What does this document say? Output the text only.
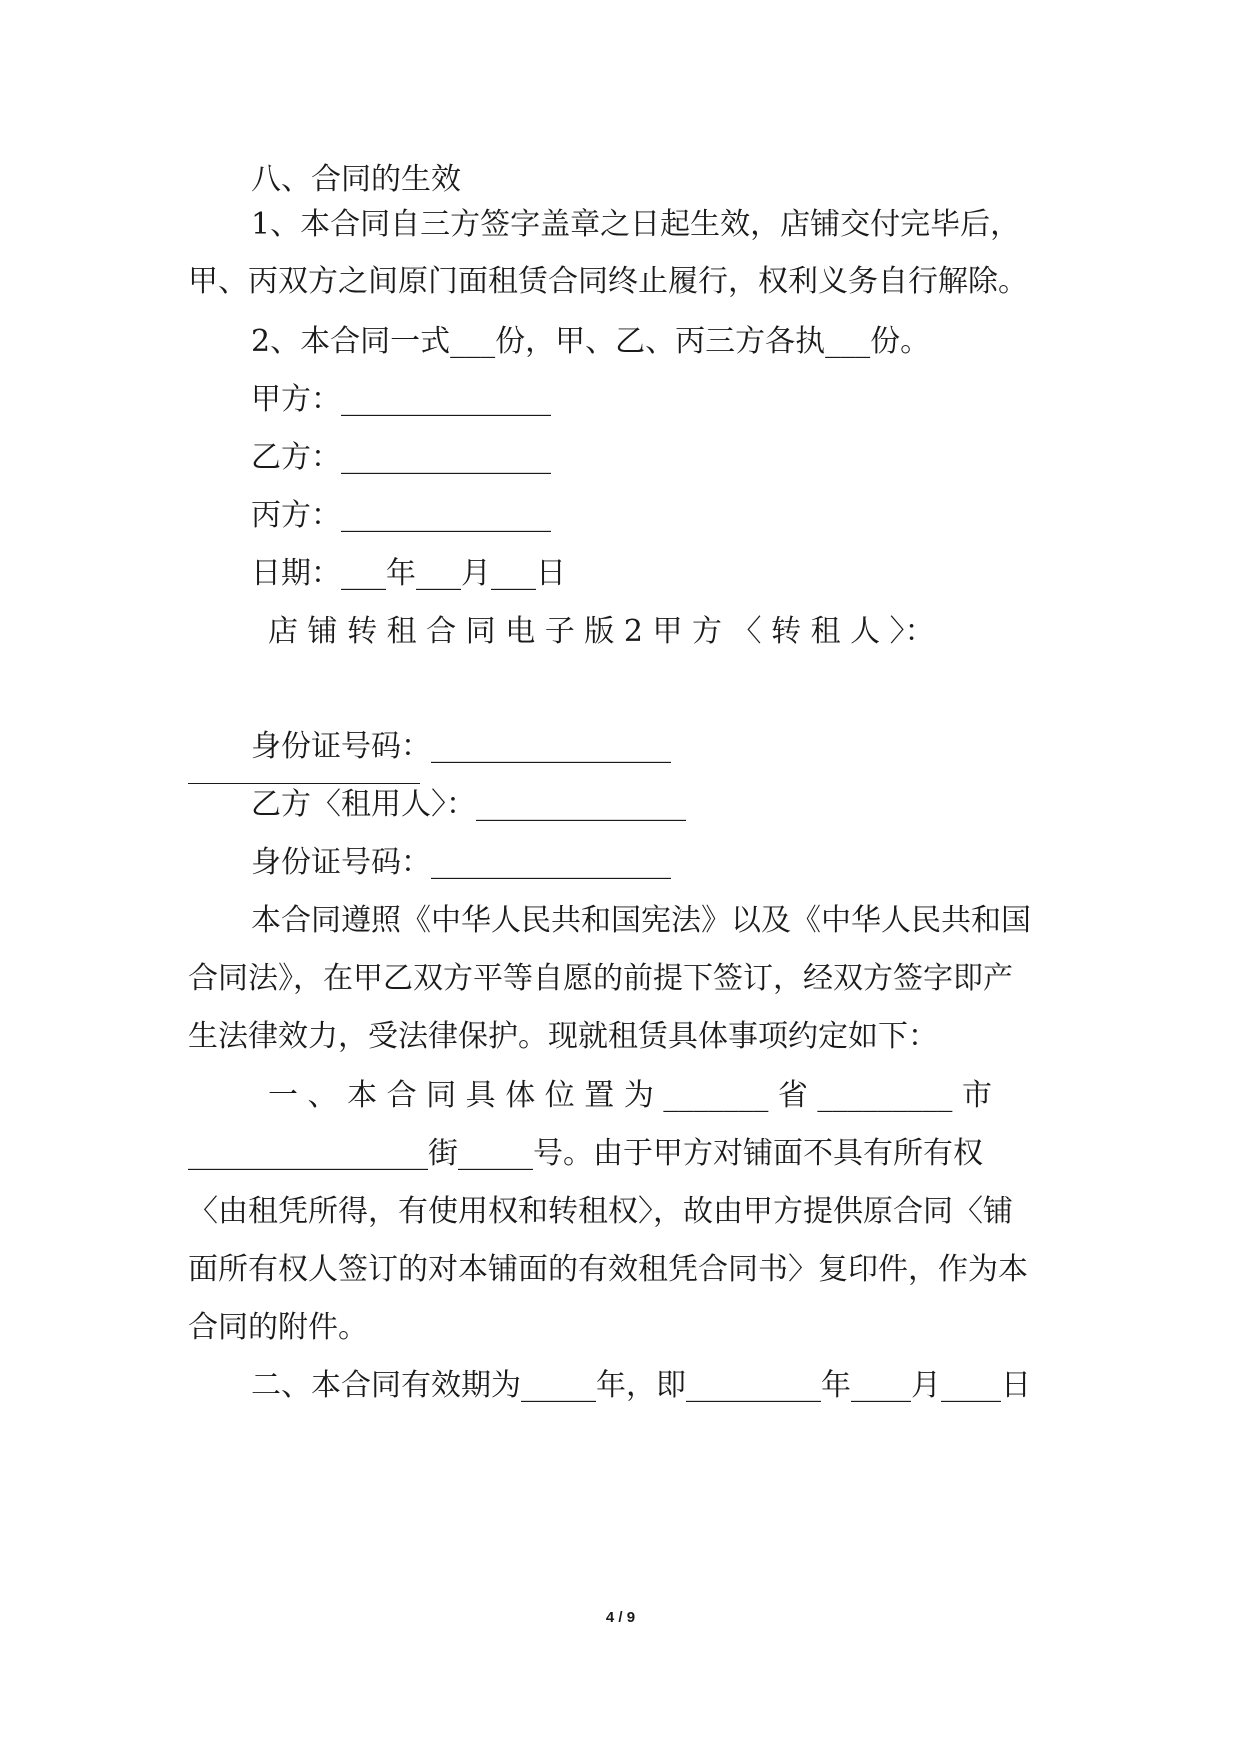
八、合同的生效
1、本合同自三方签字盖章之日起生效，店铺交付完毕后，
甲、丙双方之间原门面租赁合同终止履行，权利义务自行解除。
2、本合同一式___份，甲、乙、丙三方各执___份。
甲方：______________
乙方：______________
丙方：______________
日期：___年___月___日
店 铺 转 租 合 同 电 子 版 2 甲 方 〈 转 租 人 〉：
身份证号码：________________
乙方〈租用人〉：______________
身份证号码：________________
本合同遵照《中华人民共和国宪法》以及《中华人民共和国
合同法》，在甲乙双方平等自愿的前提下签订，经双方签字即产
生法律效力，受法律保护。现就租赁具体事项约定如下：
一 、 本 合 同 具 体 位 置 为 _______ 省 _________ 市
________________街_____号。由于甲方对铺面不具有所有权
〈由租凭所得，有使用权和转租权〉，故由甲方提供原合同〈铺
面所有权人签订的对本铺面的有效租凭合同书〉复印件，作为本
合同的附件。
二、本合同有效期为_____年，即_________年____月____日
4 / 9
